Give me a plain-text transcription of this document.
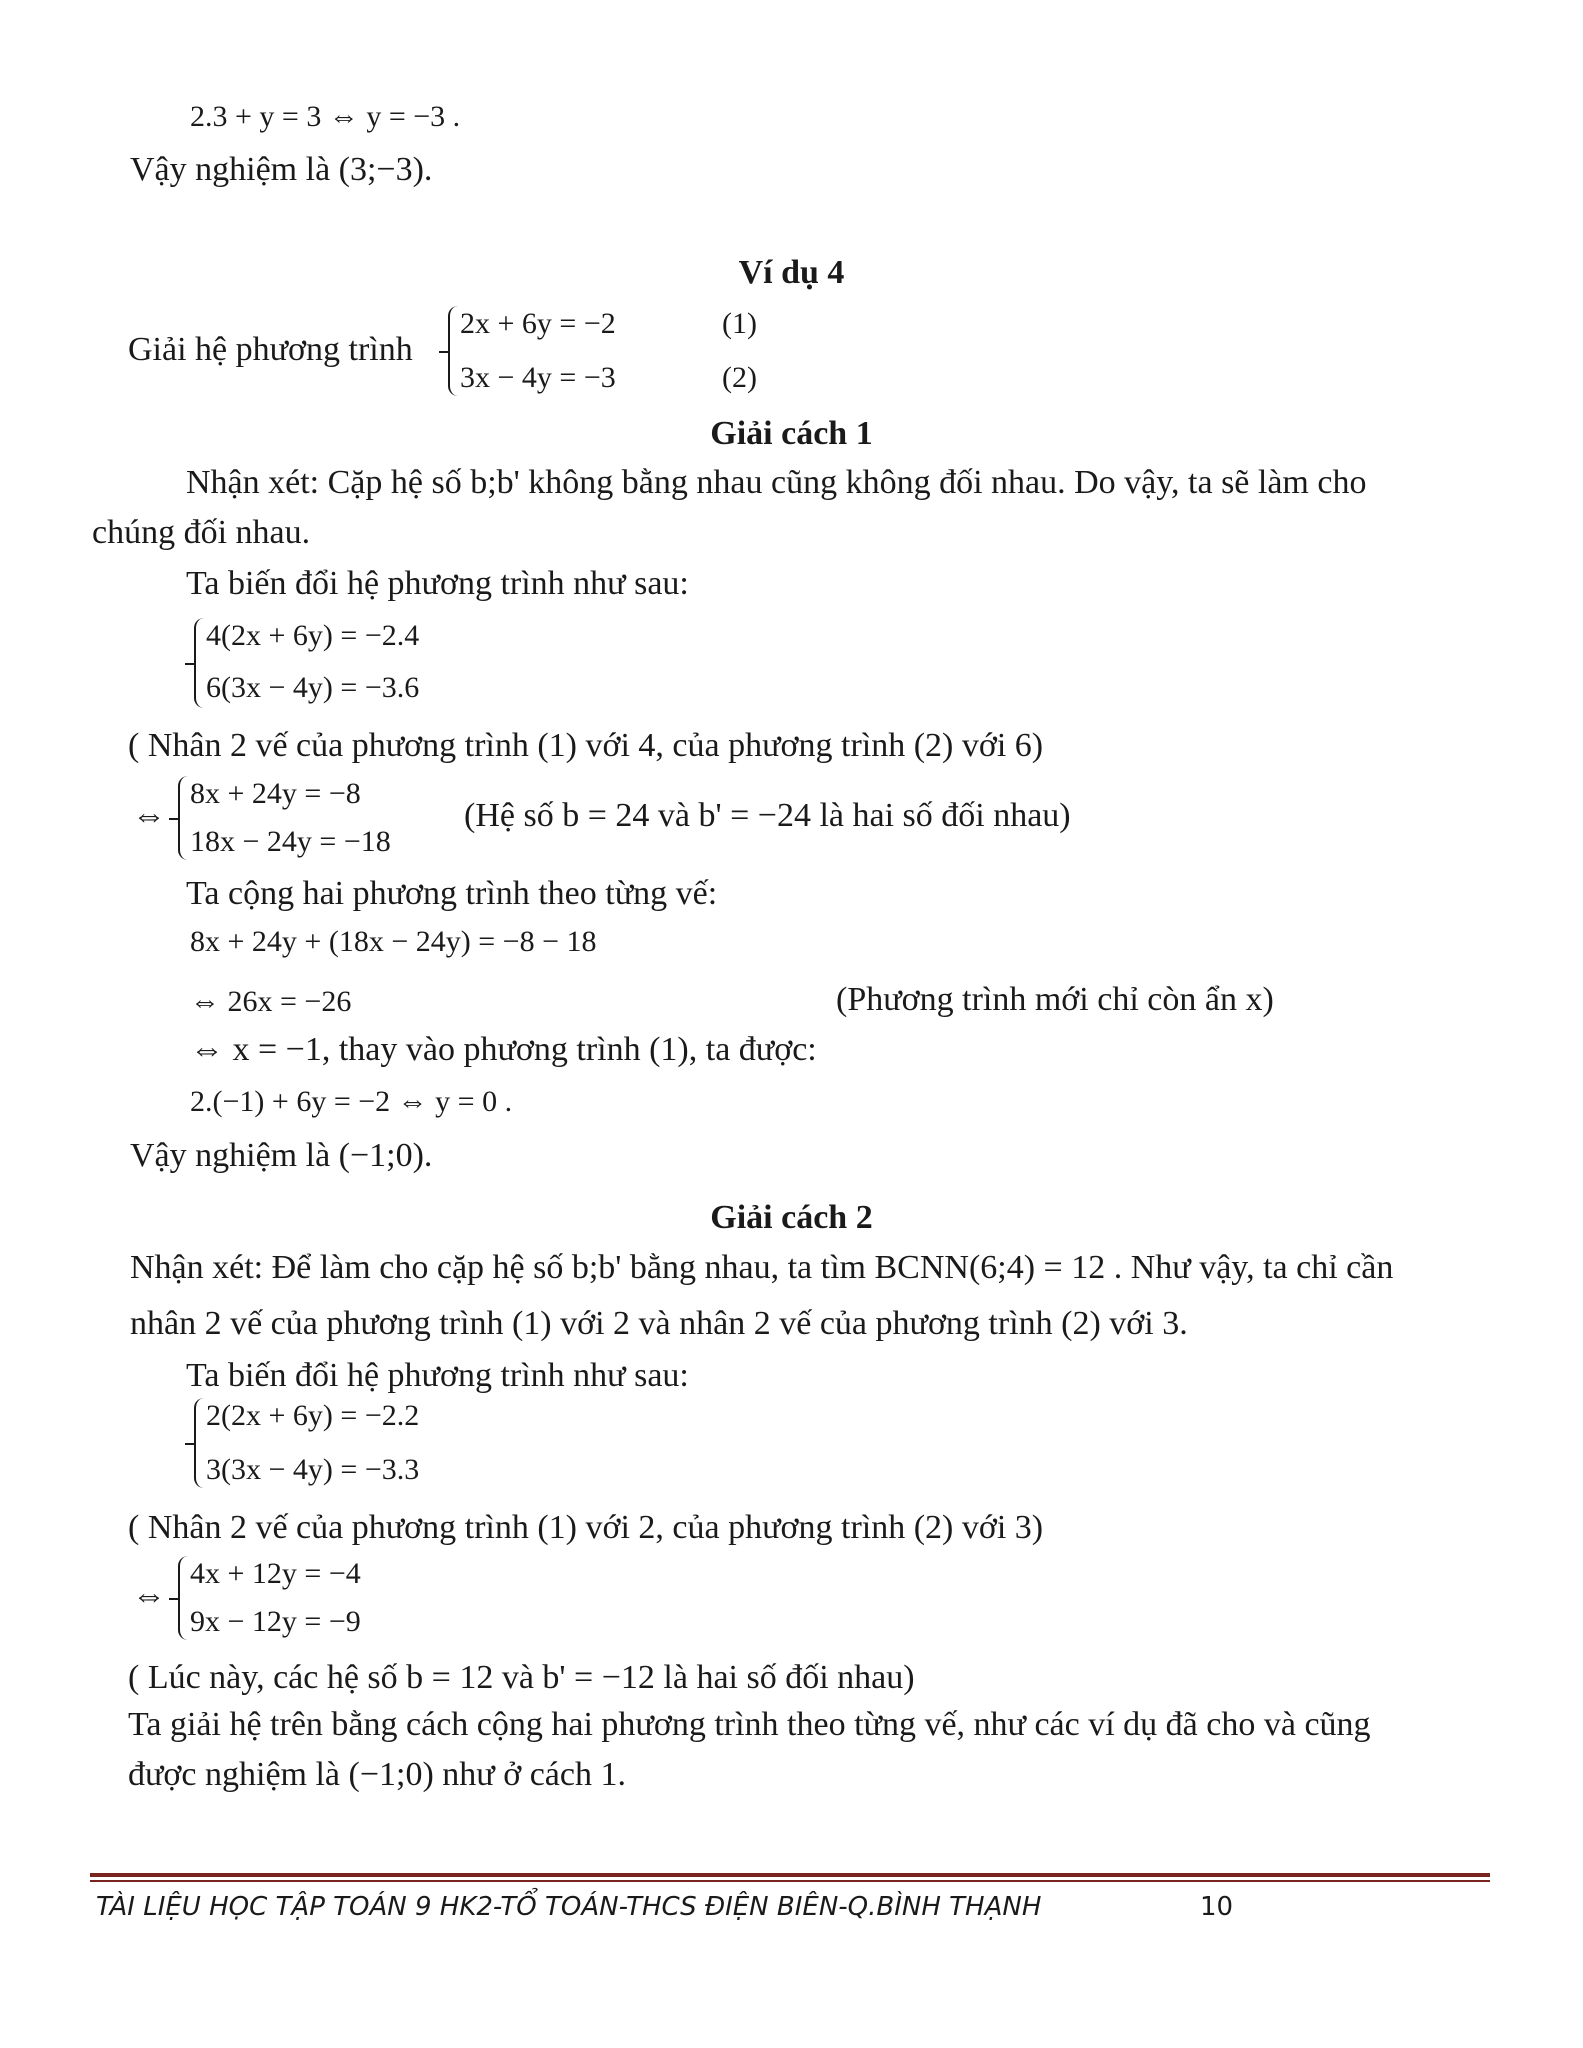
2.3 + y = 3 ⇔ y = −3 .
Vậy nghiệm là (3;−3).
Ví dụ 4
Giải hệ phương trình
2x + 6y = −2	(1)
3x − 4y = −3	(2)
Giải cách 1
Nhận xét: Cặp hệ số b;b' không bằng nhau cũng không đối nhau. Do vậy, ta sẽ làm cho
chúng đối nhau.
Ta biến đổi hệ phương trình như sau:
4(2x + 6y) = −2.4
6(3x − 4y) = −3.6
( Nhân 2 vế của phương trình (1) với 4, của phương trình (2) với 6)
⇔
8x + 24y = −8
18x − 24y = −18
(Hệ số b = 24 và b' = −24 là hai số đối nhau)
Ta cộng hai phương trình theo từng vế:
8x + 24y + (18x − 24y) = −8 − 18
⇔ 26x = −26	(Phương trình mới chỉ còn ẩn x)
⇔ x = −1, thay vào phương trình (1), ta được:
2.(−1) + 6y = −2 ⇔ y = 0 .
Vậy nghiệm là (−1;0).
Giải cách 2
Nhận xét: Để làm cho cặp hệ số b;b' bằng nhau, ta tìm BCNN(6;4) = 12 . Như vậy, ta chỉ cần
nhân 2 vế của phương trình (1) với 2 và nhân 2 vế của phương trình (2) với 3.
Ta biến đổi hệ phương trình như sau:
2(2x + 6y) = −2.2
3(3x − 4y) = −3.3
( Nhân 2 vế của phương trình (1) với 2, của phương trình (2) với 3)
⇔
4x + 12y = −4
9x − 12y = −9
( Lúc này, các hệ số b = 12 và b' = −12 là hai số đối nhau)
Ta giải hệ trên bằng cách cộng hai phương trình theo từng vế, như các ví dụ đã cho và cũng
được nghiệm là (−1;0) như ở cách 1.
TÀI LIỆU HỌC TẬP TOÁN 9 HK2-TỔ TOÁN-THCS ĐIỆN BIÊN-Q.BÌNH THẠNH	10
